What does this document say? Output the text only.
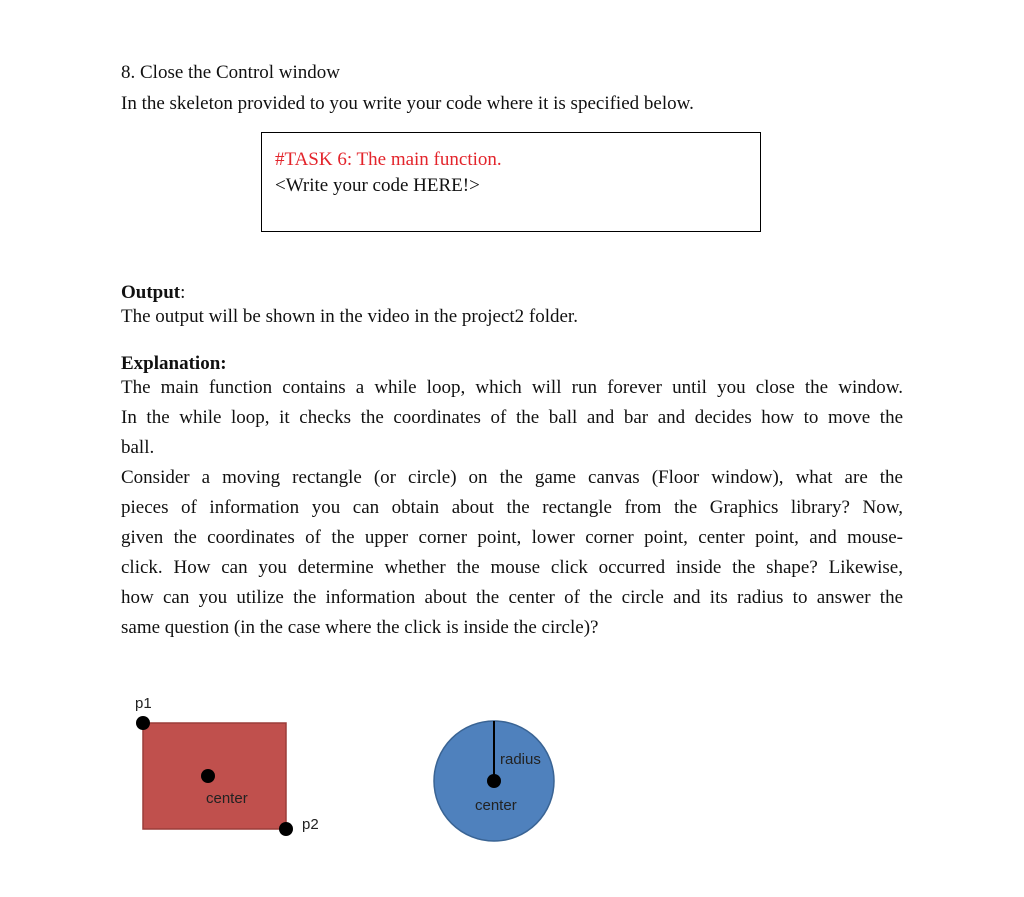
8. Close the Control window
In the skeleton provided to you write your code where it is specified below.
#TASK 6: The main function.
<Write your code HERE!>
Output:
The output will be shown in the video in the project2 folder.
Explanation:
The main function contains a while loop, which will run forever until you close the window.
In the while loop, it checks the coordinates of the ball and bar and decides how to move the
ball.
Consider a moving rectangle (or circle) on the game canvas (Floor window), what are the
pieces of information you can obtain about the rectangle from the Graphics library? Now,
given the coordinates of the upper corner point, lower corner point, center point, and mouse-
click. How can you determine whether the mouse click occurred inside the shape? Likewise,
how can you utilize the information about the center of the circle and its radius to answer the
same question (in the case where the click is inside the circle)?
p1
center
p2
radius
center
